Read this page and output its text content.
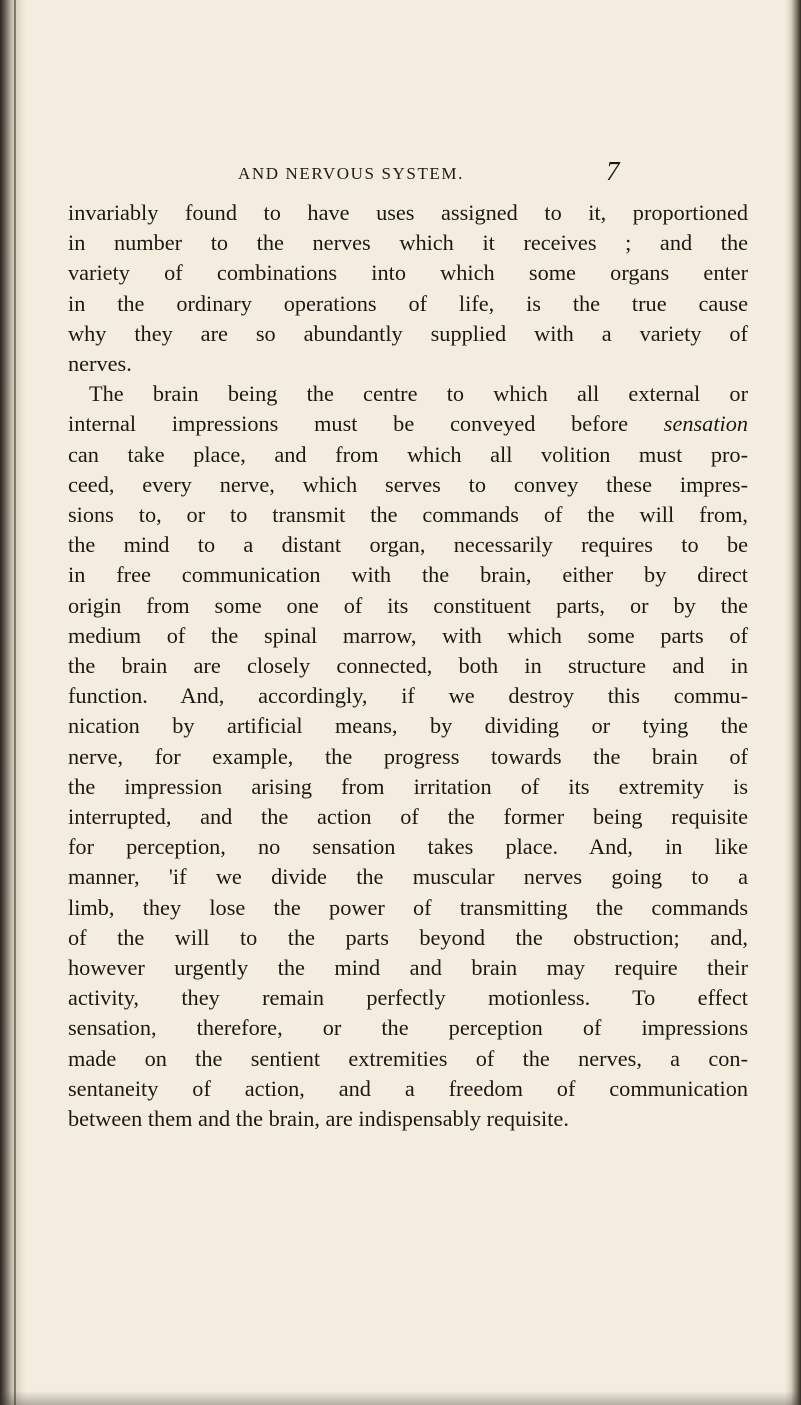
AND NERVOUS SYSTEM.	7
invariably found to have uses assigned to it, proportioned
in number to the nerves which it receives ; and the
variety of combinations into which some organs enter
in the ordinary operations of life, is the true cause
why they are so abundantly supplied with a variety of
nerves.
The brain being the centre to which all external or
internal impressions must be conveyed before sensation
can take place, and from which all volition must pro-
ceed, every nerve, which serves to convey these impres-
sions to, or to transmit the commands of the will from,
the mind to a distant organ, necessarily requires to be
in free communication with the brain, either by direct
origin from some one of its constituent parts, or by the
medium of the spinal marrow, with which some parts of
the brain are closely connected, both in structure and in
function. And, accordingly, if we destroy this commu-
nication by artificial means, by dividing or tying the
nerve, for example, the progress towards the brain of
the impression arising from irritation of its extremity is
interrupted, and the action of the former being requisite
for perception, no sensation takes place. And, in like
manner, 'if we divide the muscular nerves going to a
limb, they lose the power of transmitting the commands
of the will to the parts beyond the obstruction; and,
however urgently the mind and brain may require their
activity, they remain perfectly motionless. To effect
sensation, therefore, or the perception of impressions
made on the sentient extremities of the nerves, a con-
sentaneity of action, and a freedom of communication
between them and the brain, are indispensably requisite.
